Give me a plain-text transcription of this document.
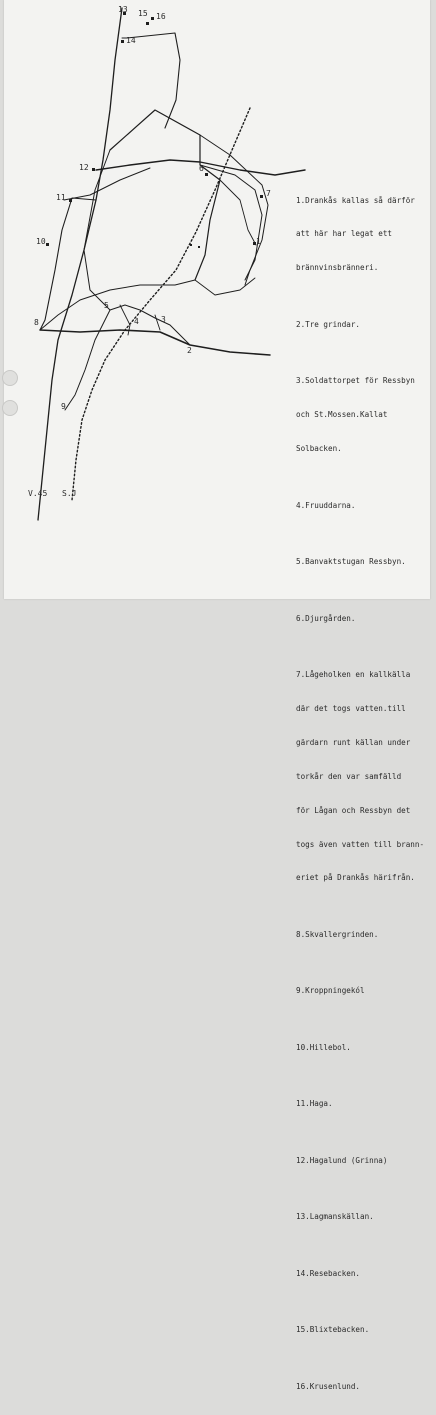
13 15 16
14
12
11
10
6
7
1
5
4	3
8
2
9
V.45 S.J

1.Drankås kallas så därför

att här har legat ett

brännvinsbränneri.

2.Tre grindar.

3.Soldattorpet för Ressbyn

och St.Mossen.Kallat

Solbacken.

4.Fruuddarna.

5.Banvaktstugan Ressbyn.

6.Djurgården.

7.Lågeholken en kallkälla

där det togs vatten.till

gärdarn runt källan under

torkår den var samfälld

för Lågan och Ressbyn det

togs även vatten till brann-

eriet på Drankås härifrån.

8.Skvallergrinden.

9.Kroppningekól

10.Hillebol.

11.Haga.

12.Hagalund (Grinna)

13.Lagmanskällan.

14.Resebacken.

15.Blixtebacken.

16.Krusenlund.
